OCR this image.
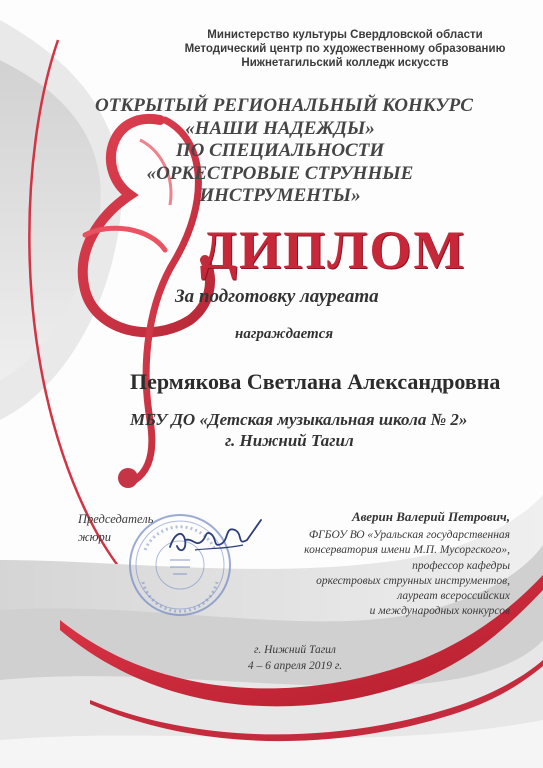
Министерство культуры Свердловской области
Методический центр по художественному образованию
Нижнетагильский колледж искусств
ОТКРЫТЫЙ РЕГИОНАЛЬНЫЙ КОНКУРС
«НАШИ НАДЕЖДЫ»
ПО СПЕЦИАЛЬНОСТИ
«ОРКЕСТРОВЫЕ СТРУННЫЕ
ИНСТРУМЕНТЫ»
ДИПЛОМ
За подготовку лауреата
награждается
Пермякова Светлана Александровна
МБУ ДО «Детская музыкальная школа № 2»
г. Нижний Тагил
Председатель
жюри
Аверин Валерий Петрович,
ФГБОУ ВО «Уральская государственная
консерватория имени М.П. Мусоргского»,
профессор кафедры
оркестровых струнных инструментов,
лауреат всероссийских
и международных конкурсов
г. Нижний Тагил
4 – 6 апреля 2019 г.
